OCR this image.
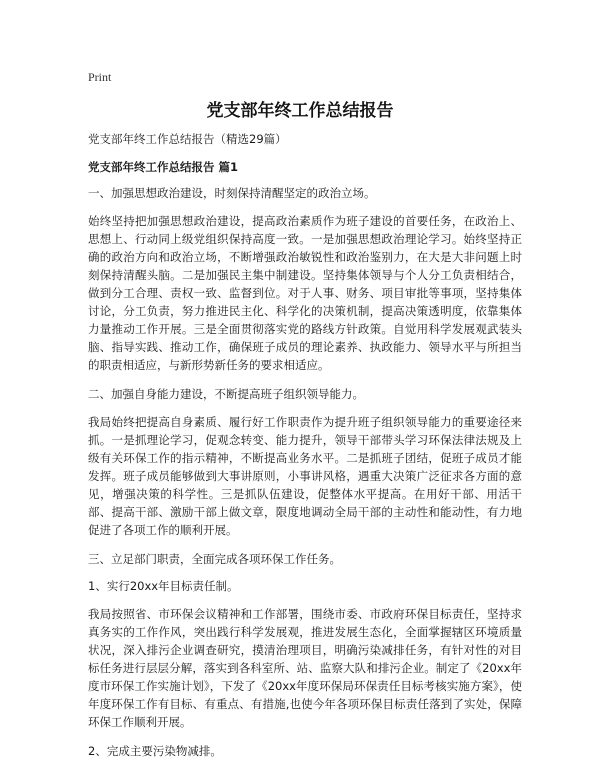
Print
党支部年终工作总结报告

党支部年终工作总结报告（精选29篇）

党支部年终工作总结报告 篇1

一、加强思想政治建设，时刻保持清醒坚定的政治立场。

始终坚持把加强思想政治建设，提高政治素质作为班子建设的首要任务，在政治上、思想上、行动同上级党组织保持高度一致。一是加强思想政治理论学习。始终坚持正确的政治方向和政治立场，不断增强政治敏锐性和政治鉴别力，在大是大非问题上时刻保持清醒头脑。二是加强民主集中制建设。坚持集体领导与个人分工负责相结合，做到分工合理、责权一致、监督到位。对于人事、财务、项目审批等事项，坚持集体讨论，分工负责，努力推进民主化、科学化的决策机制，提高决策透明度，依靠集体力量推动工作开展。三是全面贯彻落实党的路线方针政策。自觉用科学发展观武装头脑、指导实践、推动工作，确保班子成员的理论素养、执政能力、领导水平与所担当的职责相适应，与新形势新任务的要求相适应。

二、加强自身能力建设，不断提高班子组织领导能力。

我局始终把提高自身素质、履行好工作职责作为提升班子组织领导能力的重要途径来抓。一是抓理论学习，促观念转变、能力提升，领导干部带头学习环保法律法规及上级有关环保工作的指示精神，不断提高业务水平。二是抓班子团结，促班子成员才能发挥。班子成员能够做到大事讲原则，小事讲风格，遇重大决策广泛征求各方面的意见，增强决策的科学性。三是抓队伍建设，促整体水平提高。在用好干部、用活干部、提高干部、激励干部上做文章，限度地调动全局干部的主动性和能动性，有力地促进了各项工作的顺利开展。

三、立足部门职责，全面完成各项环保工作任务。

1、实行20xx年目标责任制。

我局按照省、市环保会议精神和工作部署，围绕市委、市政府环保目标责任，坚持求真务实的工作作风，突出践行科学发展观，推进发展生态化，全面掌握辖区环境质量状况，深入排污企业调查研究，摸清治理项目，明确污染减排任务，有针对性的对目标任务进行层层分解，落实到各科室所、站、监察大队和排污企业。制定了《20xx年度市环保工作实施计划》，下发了《20xx年度环保局环保责任目标考核实施方案》，使年度环保工作有目标、有重点、有措施,也使今年各项环保目标责任落到了实处，保障环保工作顺利开展。

2、完成主要污染物减排。
